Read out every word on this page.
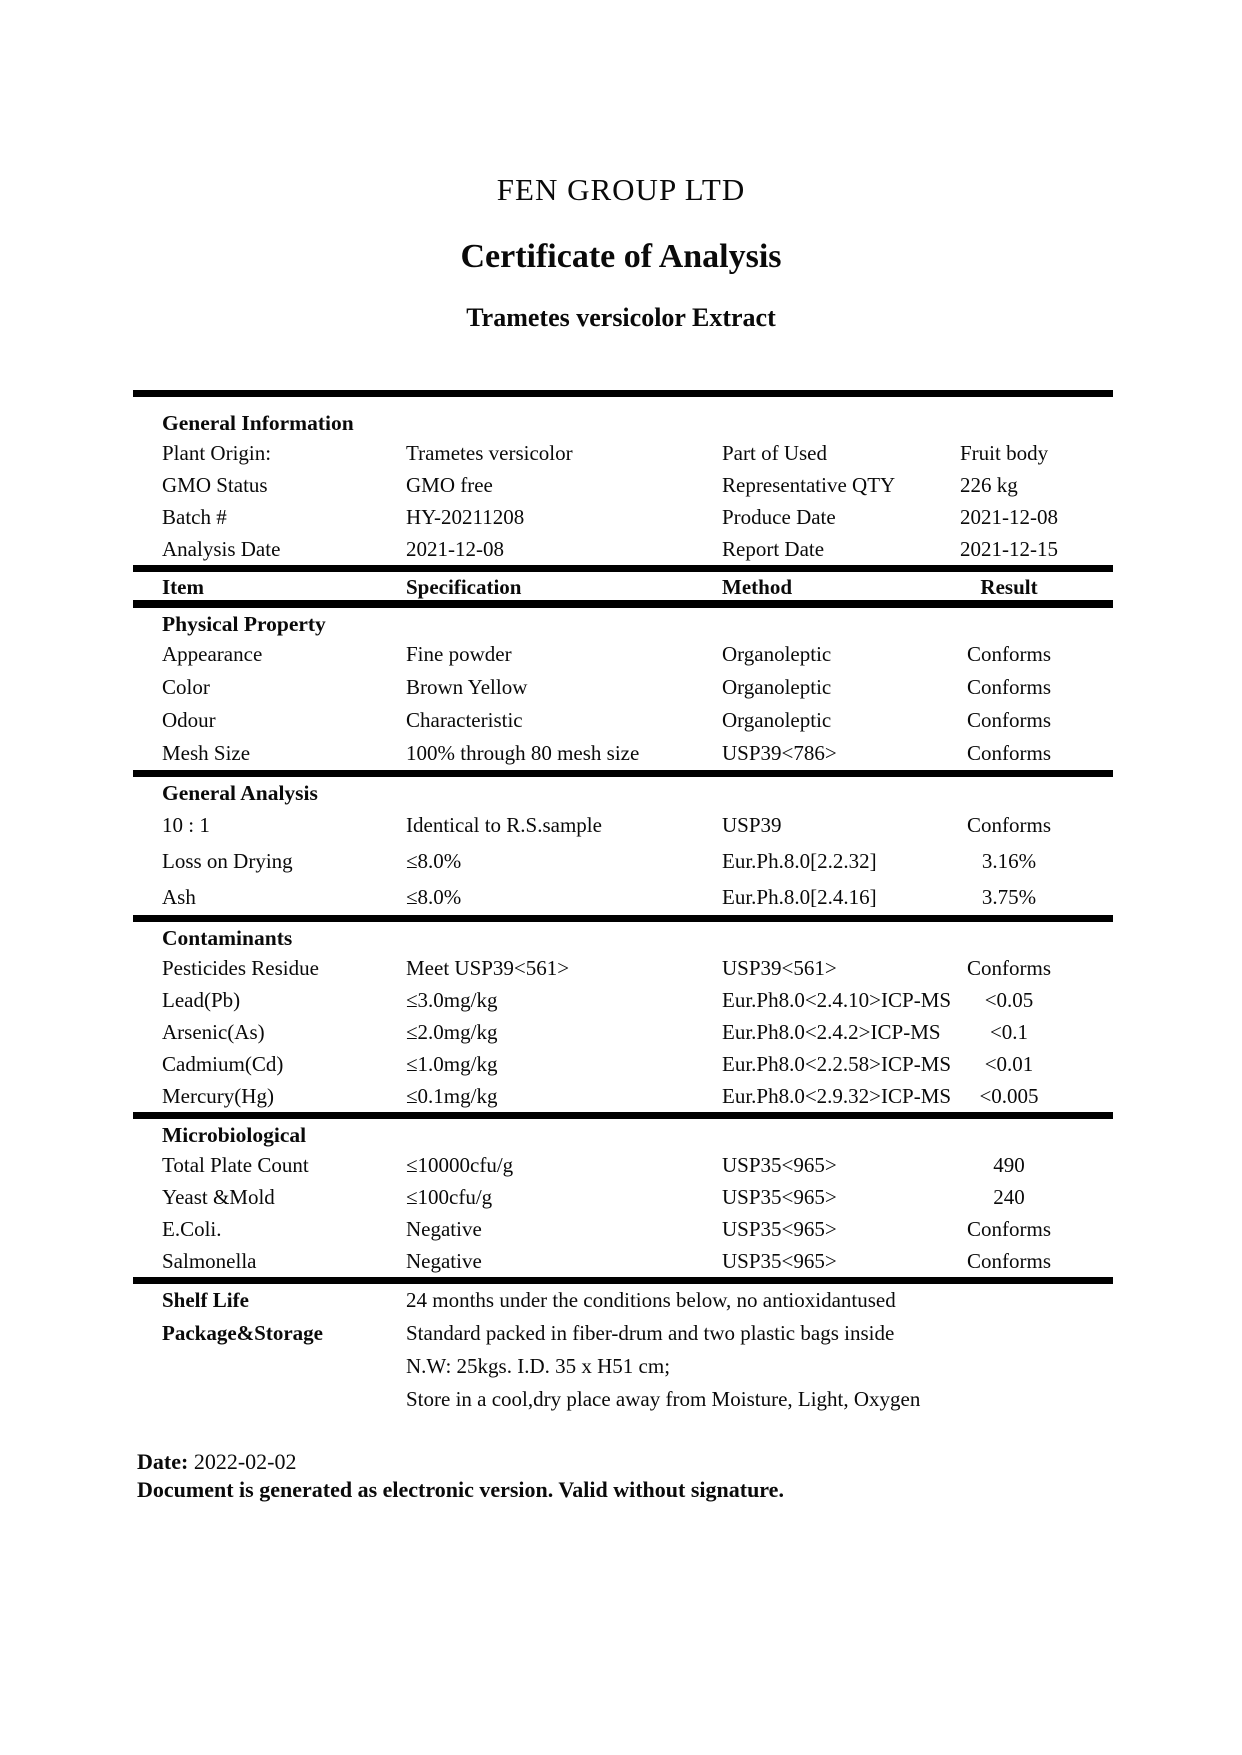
FEN GROUP LTD
Certificate of Analysis
Trametes versicolor Extract
General Information
Plant Origin:	Trametes versicolor	Part of Used	Fruit body
GMO Status	GMO free	Representative QTY	226 kg
Batch #	HY-20211208	Produce Date	2021-12-08
Analysis Date	2021-12-08	Report Date	2021-12-15
Item	Specification	Method	Result
Physical Property
Appearance	Fine powder	Organoleptic	Conforms
Color	Brown Yellow	Organoleptic	Conforms
Odour	Characteristic	Organoleptic	Conforms
Mesh Size	100% through 80 mesh size	USP39<786>	Conforms
General Analysis
10 : 1	Identical to R.S.sample	USP39	Conforms
Loss on Drying	≤8.0%	Eur.Ph.8.0[2.2.32]	3.16%
Ash	≤8.0%	Eur.Ph.8.0[2.4.16]	3.75%
Contaminants
Pesticides Residue	Meet USP39<561>	USP39<561>	Conforms
Lead(Pb)	≤3.0mg/kg	Eur.Ph8.0<2.4.10>ICP-MS	<0.05
Arsenic(As)	≤2.0mg/kg	Eur.Ph8.0<2.4.2>ICP-MS	<0.1
Cadmium(Cd)	≤1.0mg/kg	Eur.Ph8.0<2.2.58>ICP-MS	<0.01
Mercury(Hg)	≤0.1mg/kg	Eur.Ph8.0<2.9.32>ICP-MS	<0.005
Microbiological
Total Plate Count	≤10000cfu/g	USP35<965>	490
Yeast &Mold	≤100cfu/g	USP35<965>	240
E.Coli.	Negative	USP35<965>	Conforms
Salmonella	Negative	USP35<965>	Conforms
Shelf Life	24 months under the conditions below, no antioxidantused
Package&Storage	Standard packed in fiber-drum and two plastic bags inside
N.W: 25kgs. I.D. 35 x H51 cm;
Store in a cool,dry place away from Moisture, Light, Oxygen
Date: 2022-02-02
Document is generated as electronic version. Valid without signature.
